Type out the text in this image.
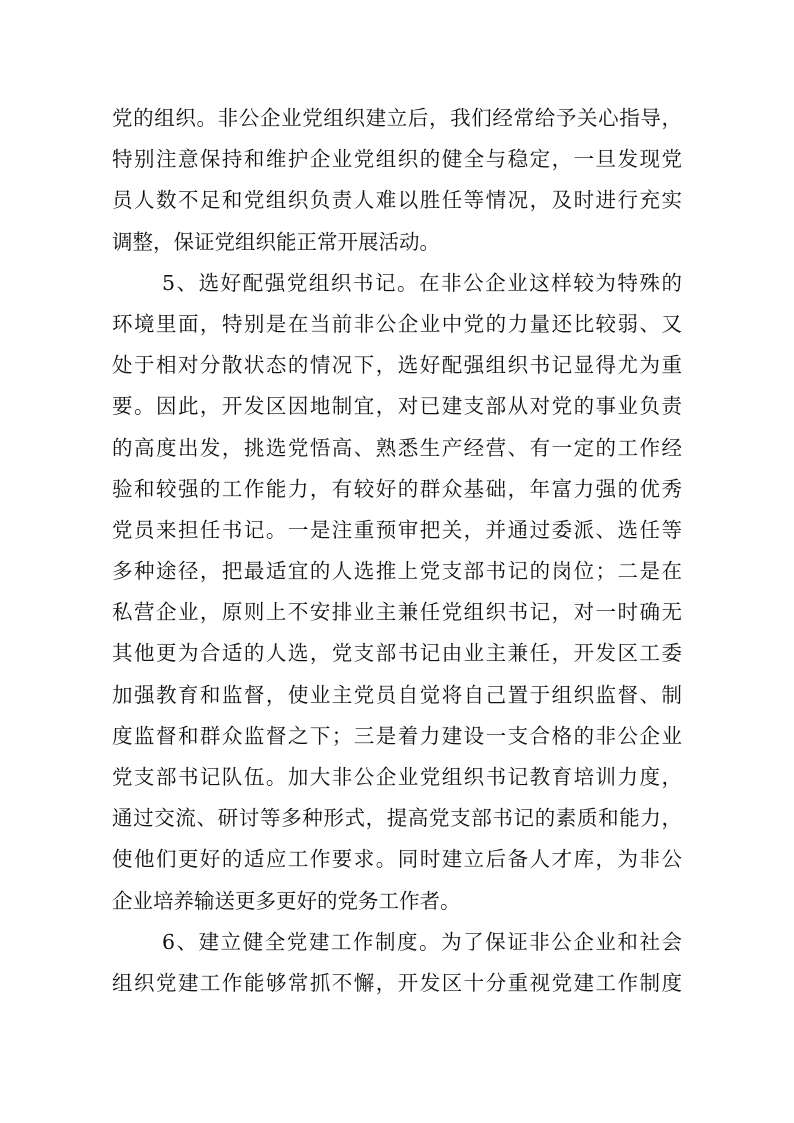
党的组织。非公企业党组织建立后，我们经常给予关心指导，
特别注意保持和维护企业党组织的健全与稳定，一旦发现党
员人数不足和党组织负责人难以胜任等情况，及时进行充实
调整，保证党组织能正常开展活动。
5、选好配强党组织书记。在非公企业这样较为特殊的
环境里面，特别是在当前非公企业中党的力量还比较弱、又
处于相对分散状态的情况下，选好配强组织书记显得尤为重
要。因此，开发区因地制宜，对已建支部从对党的事业负责
的高度出发，挑选党悟高、熟悉生产经营、有一定的工作经
验和较强的工作能力，有较好的群众基础，年富力强的优秀
党员来担任书记。一是注重预审把关，并通过委派、选任等
多种途径，把最适宜的人选推上党支部书记的岗位；二是在
私营企业，原则上不安排业主兼任党组织书记，对一时确无
其他更为合适的人选，党支部书记由业主兼任，开发区工委
加强教育和监督，使业主党员自觉将自己置于组织监督、制
度监督和群众监督之下；三是着力建设一支合格的非公企业
党支部书记队伍。加大非公企业党组织书记教育培训力度，
通过交流、研讨等多种形式，提高党支部书记的素质和能力，
使他们更好的适应工作要求。同时建立后备人才库，为非公
企业培养输送更多更好的党务工作者。
6、建立健全党建工作制度。为了保证非公企业和社会
组织党建工作能够常抓不懈，开发区十分重视党建工作制度
